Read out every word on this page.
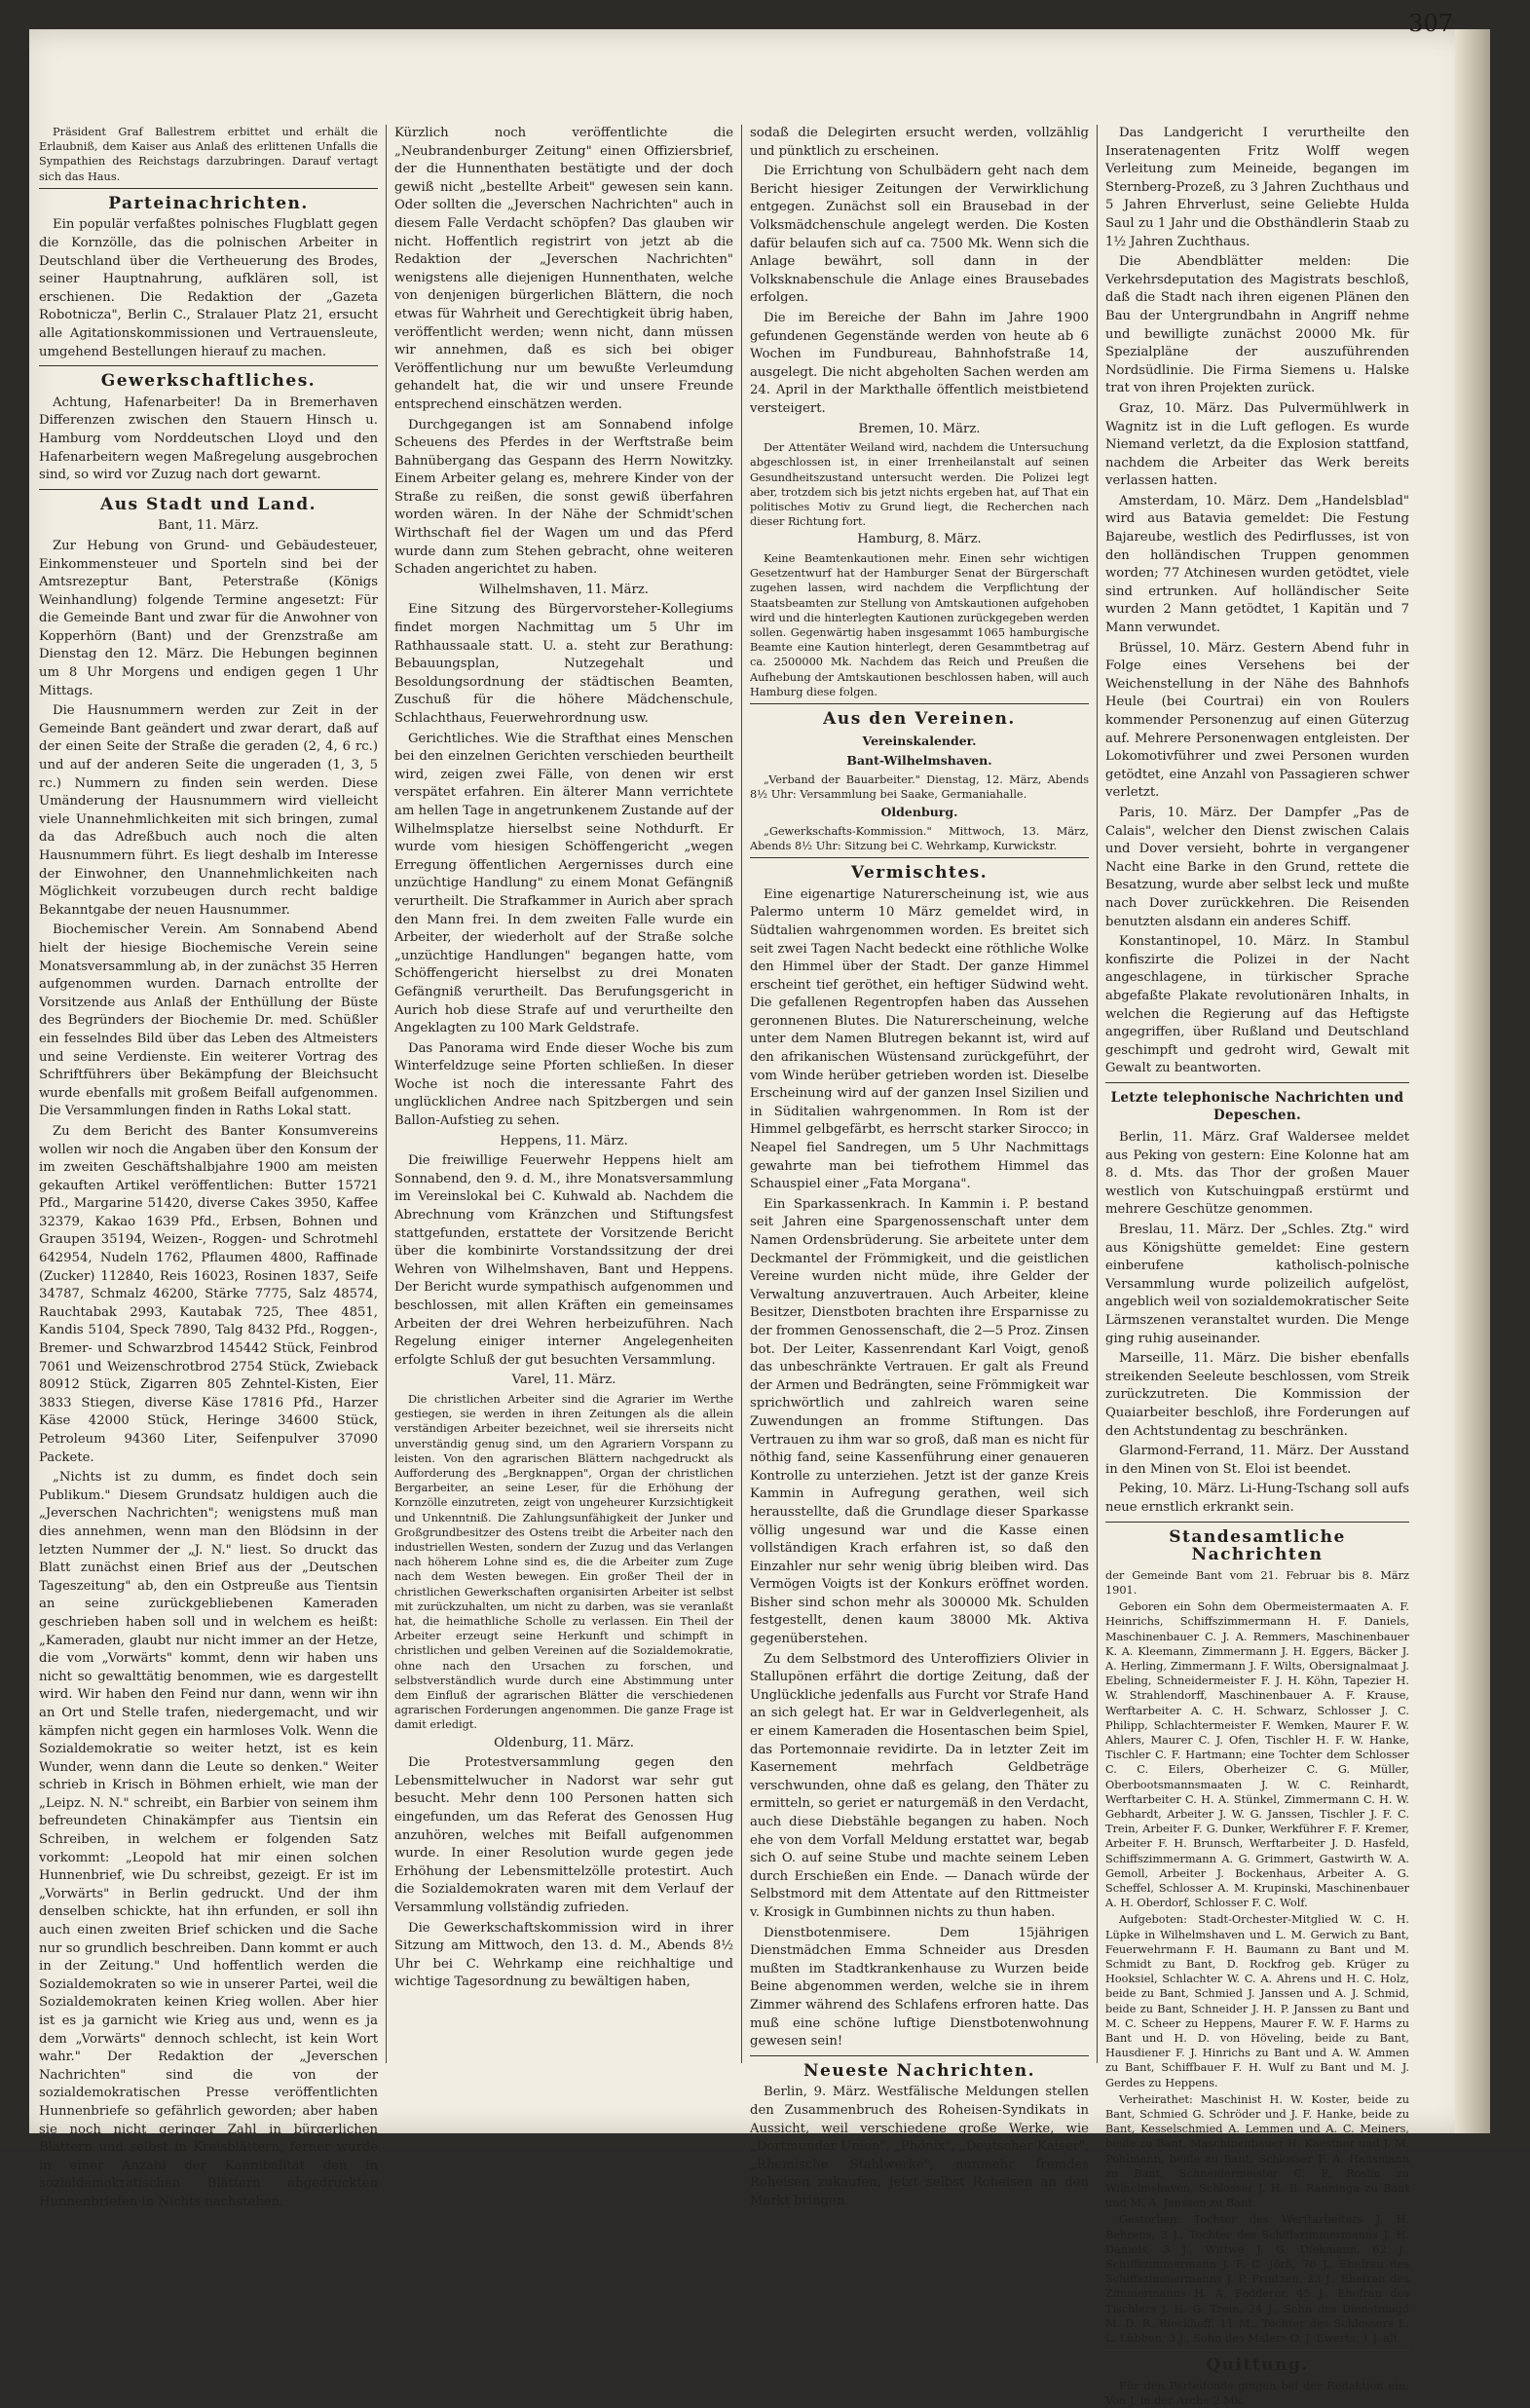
307

Präsident Graf Ballestrem erbittet und erhält die Erlaubniß, dem Kaiser aus Anlaß des erlittenen Unfalls die Sympathien des Reichstags darzubringen. Darauf vertagt sich das Haus.

Parteinachrichten.

Ein populär verfaßtes polnisches Flugblatt gegen die Kornzölle, das die polnischen Arbeiter in Deutschland über die Vertheuerung des Brodes, seiner Hauptnahrung, aufklären soll, ist erschienen. Die Redaktion der „Gazeta Robotnicza", Berlin C., Stralauer Platz 21, ersucht alle Agitationskommissionen und Vertrauensleute, umgehend Bestellungen hierauf zu machen.

Gewerkschaftliches.

Achtung, Hafenarbeiter! Da in Bremerhaven Differenzen zwischen den Stauern Hinsch u. Hamburg vom Norddeutschen Lloyd und den Hafenarbeitern wegen Maßregelung ausgebrochen sind, so wird vor Zuzug nach dort gewarnt.

Aus Stadt und Land.

Bant, 11. März.

Zur Hebung von Grund- und Gebäudesteuer, Einkommensteuer und Sporteln sind bei der Amtsrezeptur Bant, Peterstraße (Königs Weinhandlung) folgende Termine angesetzt: Für die Gemeinde Bant und zwar für die Anwohner von Kopperhörn (Bant) und der Grenzstraße am Dienstag den 12. März. Die Hebungen beginnen um 8 Uhr Morgens und endigen gegen 1 Uhr Mittags.

Die Hausnummern werden zur Zeit in der Gemeinde Bant geändert und zwar derart, daß auf der einen Seite der Straße die geraden (2, 4, 6 rc.) und auf der anderen Seite die ungeraden (1, 3, 5 rc.) Nummern zu finden sein werden. Diese Umänderung der Hausnummern wird vielleicht viele Unannehmlichkeiten mit sich bringen, zumal da das Adreßbuch auch noch die alten Hausnummern führt. Es liegt deshalb im Interesse der Einwohner, den Unannehmlichkeiten nach Möglichkeit vorzubeugen durch recht baldige Bekanntgabe der neuen Hausnummer.

Biochemischer Verein. Am Sonnabend Abend hielt der hiesige Biochemische Verein seine Monatsversammlung ab, in der zunächst 35 Herren aufgenommen wurden. Darnach entrollte der Vorsitzende aus Anlaß der Enthüllung der Büste des Begründers der Biochemie Dr. med. Schüßler ein fesselndes Bild über das Leben des Altmeisters und seine Verdienste. Ein weiterer Vortrag des Schriftführers über Bekämpfung der Bleichsucht wurde ebenfalls mit großem Beifall aufgenommen. Die Versammlungen finden in Raths Lokal statt.

Zu dem Bericht des Banter Konsumvereins wollen wir noch die Angaben über den Konsum der im zweiten Geschäftshalbjahre 1900 am meisten gekauften Artikel veröffentlichen: Butter 15721 Pfd., Margarine 51420, diverse Cakes 3950, Kaffee 32379, Kakao 1639 Pfd., Erbsen, Bohnen und Graupen 35194, Weizen-, Roggen- und Schrotmehl 642954, Nudeln 1762, Pflaumen 4800, Raffinade (Zucker) 112840, Reis 16023, Rosinen 1837, Seife 34787, Schmalz 46200, Stärke 7775, Salz 48574, Rauchtabak 2993, Kautabak 725, Thee 4851, Kandis 5104, Speck 7890, Talg 8432 Pfd., Roggen-, Bremer- und Schwarzbrod 145442 Stück, Feinbrod 7061 und Weizenschrotbrod 2754 Stück, Zwieback 80912 Stück, Zigarren 805 Zehntel-Kisten, Eier 3833 Stiegen, diverse Käse 17816 Pfd., Harzer Käse 42000 Stück, Heringe 34600 Stück, Petroleum 94360 Liter, Seifenpulver 37090 Packete.

„Nichts ist zu dumm, es findet doch sein Publikum." Diesem Grundsatz huldigen auch die „Jeverschen Nachrichten"; wenigstens muß man dies annehmen, wenn man den Blödsinn in der letzten Nummer der „J. N." liest. So druckt das Blatt zunächst einen Brief aus der „Deutschen Tageszeitung" ab, den ein Ostpreuße aus Tientsin an seine zurückgebliebenen Kameraden geschrieben haben soll und in welchem es heißt: „Kameraden, glaubt nur nicht immer an der Hetze, die vom „Vorwärts" kommt, denn wir haben uns nicht so gewalttätig benommen, wie es dargestellt wird. Wir haben den Feind nur dann, wenn wir ihn an Ort und Stelle trafen, niedergemacht, und wir kämpfen nicht gegen ein harmloses Volk. Wenn die Sozialdemokratie so weiter hetzt, ist es kein Wunder, wenn dann die Leute so denken." Weiter schrieb in Krisch in Böhmen erhielt, wie man der „Leipz. N. N." schreibt, ein Barbier von seinem ihm befreundeten Chinakämpfer aus Tientsin ein Schreiben, in welchem er folgenden Satz vorkommt: „Leopold hat mir einen solchen Hunnenbrief, wie Du schreibst, gezeigt. Er ist im „Vorwärts" in Berlin gedruckt. Und der ihm denselben schickte, hat ihn erfunden, er soll ihn auch einen zweiten Brief schicken und die Sache nur so grundlich beschreiben. Dann kommt er auch in der Zeitung." Und hoffentlich werden die Sozialdemokraten so wie in unserer Partei, weil die Sozialdemokraten keinen Krieg wollen. Aber hier ist es ja garnicht wie Krieg aus und, wenn es ja dem „Vorwärts" dennoch schlecht, ist kein Wort wahr." Der Redaktion der „Jeverschen Nachrichten" sind die von der sozialdemokratischen Presse veröffentlichten Hunnenbriefe so gefährlich geworden; aber haben sie noch nicht geringer Zahl in bürgerlichen Blättern und selbst in Kreisblättern, ferner wurde in einer Anzahl der Kannibalität den in sozialdemokratischen Blättern abgedruckten Hunnenbriefen in Nichts nachstehen.

Kürzlich noch veröffentlichte die „Neubrandenburger Zeitung" einen Offiziersbrief, der die Hunnenthaten bestätigte und der doch gewiß nicht „bestellte Arbeit" gewesen sein kann. Oder sollten die „Jeverschen Nachrichten" auch in diesem Falle Verdacht schöpfen? Das glauben wir nicht. Hoffentlich registrirt von jetzt ab die Redaktion der „Jeverschen Nachrichten" wenigstens alle diejenigen Hunnenthaten, welche von denjenigen bürgerlichen Blättern, die noch etwas für Wahrheit und Gerechtigkeit übrig haben, veröffentlicht werden; wenn nicht, dann müssen wir annehmen, daß es sich bei obiger Veröffentlichung nur um bewußte Verleumdung gehandelt hat, die wir und unsere Freunde entsprechend einschätzen werden.

Durchgegangen ist am Sonnabend infolge Scheuens des Pferdes in der Werftstraße beim Bahnübergang das Gespann des Herrn Nowitzky. Einem Arbeiter gelang es, mehrere Kinder von der Straße zu reißen, die sonst gewiß überfahren worden wären. In der Nähe der Schmidt'schen Wirthschaft fiel der Wagen um und das Pferd wurde dann zum Stehen gebracht, ohne weiteren Schaden angerichtet zu haben.

Wilhelmshaven, 11. März.

Eine Sitzung des Bürgervorsteher-Kollegiums findet morgen Nachmittag um 5 Uhr im Rathhaussaale statt. U. a. steht zur Berathung: Bebauungsplan, Nutzegehalt und Besoldungsordnung der städtischen Beamten, Zuschuß für die höhere Mädchenschule, Schlachthaus, Feuerwehrordnung usw.

Gerichtliches. Wie die Strafthat eines Menschen bei den einzelnen Gerichten verschieden beurtheilt wird, zeigen zwei Fälle, von denen wir erst verspätet erfahren. Ein älterer Mann verrichtete am hellen Tage in angetrunkenem Zustande auf der Wilhelmsplatze hierselbst seine Nothdurft. Er wurde vom hiesigen Schöffengericht „wegen Erregung öffentlichen Aergernisses durch eine unzüchtige Handlung" zu einem Monat Gefängniß verurtheilt. Die Strafkammer in Aurich aber sprach den Mann frei. In dem zweiten Falle wurde ein Arbeiter, der wiederholt auf der Straße solche „unzüchtige Handlungen" begangen hatte, vom Schöffengericht hierselbst zu drei Monaten Gefängniß verurtheilt. Das Berufungsgericht in Aurich hob diese Strafe auf und verurtheilte den Angeklagten zu 100 Mark Geldstrafe.

Das Panorama wird Ende dieser Woche bis zum Winterfeldzuge seine Pforten schließen. In dieser Woche ist noch die interessante Fahrt des unglücklichen Andree nach Spitzbergen und sein Ballon-Aufstieg zu sehen.

Heppens, 11. März.

Die freiwillige Feuerwehr Heppens hielt am Sonnabend, den 9. d. M., ihre Monatsversammlung im Vereinslokal bei C. Kuhwald ab. Nachdem die Abrechnung vom Kränzchen und Stiftungsfest stattgefunden, erstattete der Vorsitzende Bericht über die kombinirte Vorstandssitzung der drei Wehren von Wilhelmshaven, Bant und Heppens. Der Bericht wurde sympathisch aufgenommen und beschlossen, mit allen Kräften ein gemeinsames Arbeiten der drei Wehren herbeizuführen. Nach Regelung einiger interner Angelegenheiten erfolgte Schluß der gut besuchten Versammlung.

Varel, 11. März.

Die christlichen Arbeiter sind die Agrarier im Werthe gestiegen, sie werden in ihren Zeitungen als die allein verständigen Arbeiter bezeichnet, weil sie ihrerseits nicht unverständig genug sind, um den Agrariern Vorspann zu leisten. Von den agrarischen Blättern nachgedruckt als Aufforderung des „Bergknappen", Organ der christlichen Bergarbeiter, an seine Leser, für die Erhöhung der Kornzölle einzutreten, zeigt von ungeheurer Kurzsichtigkeit und Unkenntniß. Die Zahlungsunfähigkeit der Junker und Großgrundbesitzer des Ostens treibt die Arbeiter nach den industriellen Westen, sondern der Zuzug und das Verlangen nach höherem Lohne sind es, die die Arbeiter zum Zuge nach dem Westen bewegen. Ein großer Theil der in christlichen Gewerkschaften organisirten Arbeiter ist selbst mit zurückzuhalten, um nicht zu darben, was sie veranlaßt hat, die heimathliche Scholle zu verlassen. Ein Theil der Arbeiter erzeugt seine Herkunft und schimpft in christlichen und gelben Vereinen auf die Sozialdemokratie, ohne nach den Ursachen zu forschen, und selbstverständlich wurde durch eine Abstimmung unter dem Einfluß der agrarischen Blätter die verschiedenen agrarischen Forderungen angenommen. Die ganze Frage ist damit erledigt.

Oldenburg, 11. März.

Die Protestversammlung gegen den Lebensmittelwucher in Nadorst war sehr gut besucht. Mehr denn 100 Personen hatten sich eingefunden, um das Referat des Genossen Hug anzuhören, welches mit Beifall aufgenommen wurde. In einer Resolution wurde gegen jede Erhöhung der Lebensmittelzölle protestirt. Auch die Sozialdemokraten waren mit dem Verlauf der Versammlung vollständig zufrieden.

Die Gewerkschaftskommission wird in ihrer Sitzung am Mittwoch, den 13. d. M., Abends 8½ Uhr bei C. Wehrkamp eine reichhaltige und wichtige Tagesordnung zu bewältigen haben,

sodaß die Delegirten ersucht werden, vollzählig und pünktlich zu erscheinen.

Die Errichtung von Schulbädern geht nach dem Bericht hiesiger Zeitungen der Verwirklichung entgegen. Zunächst soll ein Brausebad in der Volksmädchenschule angelegt werden. Die Kosten dafür belaufen sich auf ca. 7500 Mk. Wenn sich die Anlage bewährt, soll dann in der Volksknabenschule die Anlage eines Brausebades erfolgen.

Die im Bereiche der Bahn im Jahre 1900 gefundenen Gegenstände werden von heute ab 6 Wochen im Fundbureau, Bahnhofstraße 14, ausgelegt. Die nicht abgeholten Sachen werden am 24. April in der Markthalle öffentlich meistbietend versteigert.

Bremen, 10. März.

Der Attentäter Weiland wird, nachdem die Untersuchung abgeschlossen ist, in einer Irrenheilanstalt auf seinen Gesundheitszustand untersucht werden. Die Polizei legt aber, trotzdem sich bis jetzt nichts ergeben hat, auf That ein politisches Motiv zu Grund liegt, die Recherchen nach dieser Richtung fort.

Hamburg, 8. März.

Keine Beamtenkautionen mehr. Einen sehr wichtigen Gesetzentwurf hat der Hamburger Senat der Bürgerschaft zugehen lassen, wird nachdem die Verpflichtung der Staatsbeamten zur Stellung von Amtskautionen aufgehoben wird und die hinterlegten Kautionen zurückgegeben werden sollen. Gegenwärtig haben insgesammt 1065 hamburgische Beamte eine Kaution hinterlegt, deren Gesammtbetrag auf ca. 2500000 Mk. Nachdem das Reich und Preußen die Aufhebung der Amtskautionen beschlossen haben, will auch Hamburg diese folgen.

Aus den Vereinen.
Vereinskalender.
Bant-Wilhelmshaven.

„Verband der Bauarbeiter." Dienstag, 12. März, Abends 8½ Uhr: Versammlung bei Saake, Germaniahalle.

Oldenburg.

„Gewerkschafts-Kommission." Mittwoch, 13. März, Abends 8½ Uhr: Sitzung bei C. Wehrkamp, Kurwickstr.

Vermischtes.

Eine eigenartige Naturerscheinung ist, wie aus Palermo unterm 10 März gemeldet wird, in Südtalien wahrgenommen worden. Es breitet sich seit zwei Tagen Nacht bedeckt eine röthliche Wolke den Himmel über der Stadt. Der ganze Himmel erscheint tief geröthet, ein heftiger Südwind weht. Die gefallenen Regentropfen haben das Aussehen geronnenen Blutes. Die Naturerscheinung, welche unter dem Namen Blutregen bekannt ist, wird auf den afrikanischen Wüstensand zurückgeführt, der vom Winde herüber getrieben worden ist. Dieselbe Erscheinung wird auf der ganzen Insel Sizilien und in Süditalien wahrgenommen. In Rom ist der Himmel gelbgefärbt, es herrscht starker Sirocco; in Neapel fiel Sandregen, um 5 Uhr Nachmittags gewahrte man bei tiefrothem Himmel das Schauspiel einer „Fata Morgana".

Ein Sparkassenkrach. In Kammin i. P. bestand seit Jahren eine Spargenossenschaft unter dem Namen Ordensbrüderung. Sie arbeitete unter dem Deckmantel der Frömmigkeit, und die geistlichen Vereine wurden nicht müde, ihre Gelder der Verwaltung anzuvertrauen. Auch Arbeiter, kleine Besitzer, Dienstboten brachten ihre Ersparnisse zu der frommen Genossenschaft, die 2—5 Proz. Zinsen bot. Der Leiter, Kassenrendant Karl Voigt, genoß das unbeschränkte Vertrauen. Er galt als Freund der Armen und Bedrängten, seine Frömmigkeit war sprichwörtlich und zahlreich waren seine Zuwendungen an fromme Stiftungen. Das Vertrauen zu ihm war so groß, daß man es nicht für nöthig fand, seine Kassenführung einer genaueren Kontrolle zu unterziehen. Jetzt ist der ganze Kreis Kammin in Aufregung gerathen, weil sich herausstellte, daß die Grundlage dieser Sparkasse völlig ungesund war und die Kasse einen vollständigen Krach erfahren ist, so daß den Einzahler nur sehr wenig übrig bleiben wird. Das Vermögen Voigts ist der Konkurs eröffnet worden. Bisher sind schon mehr als 300000 Mk. Schulden festgestellt, denen kaum 38000 Mk. Aktiva gegenüberstehen.

Zu dem Selbstmord des Unteroffiziers Olivier in Stallupönen erfährt die dortige Zeitung, daß der Unglückliche jedenfalls aus Furcht vor Strafe Hand an sich gelegt hat. Er war in Geldverlegenheit, als er einem Kameraden die Hosentaschen beim Spiel, das Portemonnaie revidirte. Da in letzter Zeit im Kasernement mehrfach Geldbeträge verschwunden, ohne daß es gelang, den Thäter zu ermitteln, so geriet er naturgemäß in den Verdacht, auch diese Diebstähle begangen zu haben. Noch ehe von dem Vorfall Meldung erstattet war, begab sich O. auf seine Stube und machte seinem Leben durch Erschießen ein Ende. — Danach würde der Selbstmord mit dem Attentate auf den Rittmeister v. Krosigk in Gumbinnen nichts zu thun haben.

Dienstbotenmisere. Dem 15jährigen Dienstmädchen Emma Schneider aus Dresden mußten im Stadtkrankenhause zu Wurzen beide Beine abgenommen werden, welche sie in ihrem Zimmer während des Schlafens erfroren hatte. Das muß eine schöne luftige Dienstbotenwohnung gewesen sein!

Neueste Nachrichten.

Berlin, 9. März. Westfälische Meldungen stellen den Zusammenbruch des Roheisen-Syndikats in Aussicht, weil verschiedene große Werke, wie „Dortmunder Union", „Phönix", „Deutscher Kaiser", „Rheinische Stahlwerke", nunmehr fremdes Roheisen zukaufen, jetzt selbst Roheisen an den Markt bringen.

Das Landgericht I verurtheilte den Inseratenagenten Fritz Wolff wegen Verleitung zum Meineide, begangen im Sternberg-Prozeß, zu 3 Jahren Zuchthaus und 5 Jahren Ehrverlust, seine Geliebte Hulda Saul zu 1 Jahr und die Obsthändlerin Staab zu 1½ Jahren Zuchthaus.

Die Abendblätter melden: Die Verkehrsdeputation des Magistrats beschloß, daß die Stadt nach ihren eigenen Plänen den Bau der Untergrundbahn in Angriff nehme und bewilligte zunächst 20000 Mk. für Spezialpläne der auszuführenden Nordsüdlinie. Die Firma Siemens u. Halske trat von ihren Projekten zurück.

Graz, 10. März. Das Pulvermühlwerk in Wagnitz ist in die Luft geflogen. Es wurde Niemand verletzt, da die Explosion stattfand, nachdem die Arbeiter das Werk bereits verlassen hatten.

Amsterdam, 10. März. Dem „Handelsblad" wird aus Batavia gemeldet: Die Festung Bajareube, westlich des Pedirflusses, ist von den holländischen Truppen genommen worden; 77 Atchinesen wurden getödtet, viele sind ertrunken. Auf holländischer Seite wurden 2 Mann getödtet, 1 Kapitän und 7 Mann verwundet.

Brüssel, 10. März. Gestern Abend fuhr in Folge eines Versehens bei der Weichenstellung in der Nähe des Bahnhofs Heule (bei Courtrai) ein von Roulers kommender Personenzug auf einen Güterzug auf. Mehrere Personenwagen entgleisten. Der Lokomotivführer und zwei Personen wurden getödtet, eine Anzahl von Passagieren schwer verletzt.

Paris, 10. März. Der Dampfer „Pas de Calais", welcher den Dienst zwischen Calais und Dover versieht, bohrte in vergangener Nacht eine Barke in den Grund, rettete die Besatzung, wurde aber selbst leck und mußte nach Dover zurückkehren. Die Reisenden benutzten alsdann ein anderes Schiff.

Konstantinopel, 10. März. In Stambul konfiszirte die Polizei in der Nacht angeschlagene, in türkischer Sprache abgefaßte Plakate revolutionären Inhalts, in welchen die Regierung auf das Heftigste angegriffen, über Rußland und Deutschland geschimpft und gedroht wird, Gewalt mit Gewalt zu beantworten.

Letzte telephonische Nachrichten und Depeschen.

Berlin, 11. März. Graf Waldersee meldet aus Peking von gestern: Eine Kolonne hat am 8. d. Mts. das Thor der großen Mauer westlich von Kutschuingpaß erstürmt und mehrere Geschütze genommen.

Breslau, 11. März. Der „Schles. Ztg." wird aus Königshütte gemeldet: Eine gestern einberufene katholisch-polnische Versammlung wurde polizeilich aufgelöst, angeblich weil von sozialdemokratischer Seite Lärmszenen veranstaltet wurden. Die Menge ging ruhig auseinander.

Marseille, 11. März. Die bisher ebenfalls streikenden Seeleute beschlossen, vom Streik zurückzutreten. Die Kommission der Quaiarbeiter beschloß, ihre Forderungen auf den Achtstundentag zu beschränken.

Glarmond-Ferrand, 11. März. Der Ausstand in den Minen von St. Eloi ist beendet.

Peking, 10. März. Li-Hung-Tschang soll aufs neue ernstlich erkrankt sein.

Standesamtliche Nachrichten

der Gemeinde Bant vom 21. Februar bis 8. März 1901.

Geboren ein Sohn dem Obermeistermaaten A. F. Heinrichs, Schiffszimmermann H. F. Daniels, Maschinenbauer C. J. A. Remmers, Maschinenbauer K. A. Kleemann, Zimmermann J. H. Eggers, Bäcker J. A. Herling, Zimmermann J. F. Wilts, Obersignalmaat J. Ebeling, Schneidermeister F. J. H. Köhn, Tapezier H. W. Strahlendorff, Maschinenbauer A. F. Krause, Werftarbeiter A. C. H. Schwarz, Schlosser J. C. Philipp, Schlachtermeister F. Wemken, Maurer F. W. Ahlers, Maurer C. J. Ofen, Tischler H. F. W. Hanke, Tischler C. F. Hartmann; eine Tochter dem Schlosser C. C. Eilers, Oberheizer C. G. Müller, Oberbootsmannsmaaten J. W. C. Reinhardt, Werftarbeiter C. H. A. Stünkel, Zimmermann C. H. W. Gebhardt, Arbeiter J. W. G. Janssen, Tischler J. F. C. Trein, Arbeiter F. G. Dunker, Werkführer F. F. Kremer, Arbeiter F. H. Brunsch, Werftarbeiter J. D. Hasfeld, Schiffszimmermann A. G. Grimmert, Gastwirth W. A. Gemoll, Arbeiter J. Bockenhaus, Arbeiter A. G. Scheffel, Schlosser A. M. Krupinski, Maschinenbauer A. H. Oberdorf, Schlosser F. C. Wolf.

Aufgeboten: Stadt-Orchester-Mitglied W. C. H. Lüpke in Wilhelmshaven und L. M. Gerwich zu Bant, Feuerwehrmann F. H. Baumann zu Bant und M. Schmidt zu Bant, D. Rockfrog geb. Krüger zu Hooksiel, Schlachter W. C. A. Ahrens und H. C. Holz, beide zu Bant, Schmied J. Janssen und A. J. Schmid, beide zu Bant, Schneider J. H. P. Janssen zu Bant und M. C. Scheer zu Heppens, Maurer F. W. F. Harms zu Bant und H. D. von Höveling, beide zu Bant, Hausdiener F. J. Hinrichs zu Bant und A. W. Ammen zu Bant, Schiffbauer F. H. Wulf zu Bant und M. J. Gerdes zu Heppens.

Verheirathet: Maschinist H. W. Koster, beide zu Bant, Schmied G. Schröder und J. F. Hanke, beide zu Bant, Kesselschmied A. Lemmen und A. C. Meiners, beide zu Bant, Maschinenbauer H. Kaestner und J. M. Pohlmann, beide zu Bant, Schlosser F. A. Hansmann zu Bant, Schneidermeister C. F. Roslin zu Wilhelmshaven, Schlosser J. H. B. Ranninga zu Bant und M. A. Janssen zu Bant.

Gestorben: Tochter des Werftarbeiters J. H. Behrens, 3 J., Tochter des Schiffszimmermanns J. H. Daniels, 3 J., Wittwe J. G. Diekmann, 62 J., Schiffszimmermann J. F. C. Jörß, 78 J., Ehefrau des Schiffszimmermanns J. P. Printzen, 23 J., Ehefrau des Zimmermanns H. A. Fedderer, 45 J., Ehefrau des Tischlers J. H. G. Trein, 24 J., Sohn des Dienstmagd M. D. R. Rieckhoff, 11 M., Tochter des Schlossers L. L. Lübben, 3 J., Sohn des Malers O. J. Ewerts, 1 J. alt.

Quittung.

Für den Parteifonds gingen bei der Redaktion ein: Von J. in der Arche 2 Mk.
